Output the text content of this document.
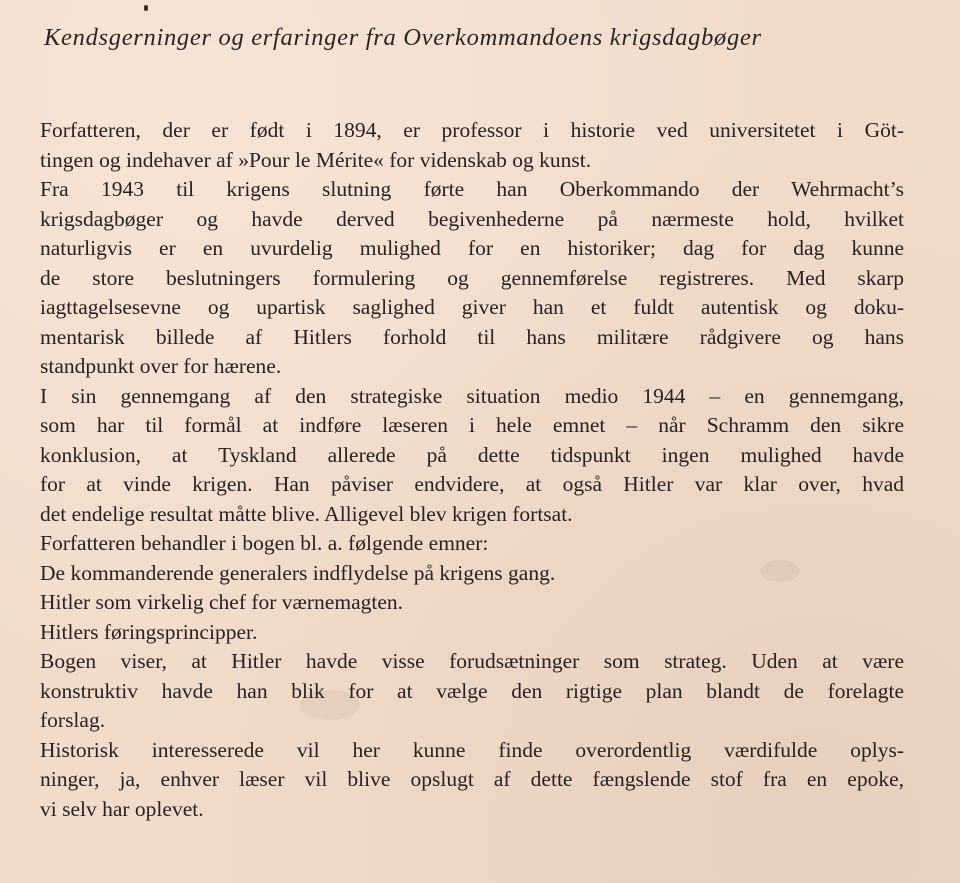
Kendsgerninger og erfaringer fra Overkommandoens krigsdagbøger
Forfatteren, der er født i 1894, er professor i historie ved universitetet i Göt-
tingen og indehaver af »Pour le Mérite« for videnskab og kunst.
Fra 1943 til krigens slutning førte han Oberkommando der Wehrmacht’s
krigsdagbøger og havde derved begivenhederne på nærmeste hold, hvilket
naturligvis er en uvurdelig mulighed for en historiker; dag for dag kunne
de store beslutningers formulering og gennemførelse registreres. Med skarp
iagttagelsesevne og upartisk saglighed giver han et fuldt autentisk og doku-
mentarisk billede af Hitlers forhold til hans militære rådgivere og hans
standpunkt over for hærene.
I sin gennemgang af den strategiske situation medio 1944 – en gennemgang,
som har til formål at indføre læseren i hele emnet – når Schramm den sikre
konklusion, at Tyskland allerede på dette tidspunkt ingen mulighed havde
for at vinde krigen. Han påviser endvidere, at også Hitler var klar over, hvad
det endelige resultat måtte blive. Alligevel blev krigen fortsat.
Forfatteren behandler i bogen bl. a. følgende emner:
De kommanderende generalers indflydelse på krigens gang.
Hitler som virkelig chef for værnemagten.
Hitlers føringsprincipper.
Bogen viser, at Hitler havde visse forudsætninger som strateg. Uden at være
konstruktiv havde han blik for at vælge den rigtige plan blandt de forelagte
forslag.
Historisk interesserede vil her kunne finde overordentlig værdifulde oplys-
ninger, ja, enhver læser vil blive opslugt af dette fængslende stof fra en epoke,
vi selv har oplevet.
